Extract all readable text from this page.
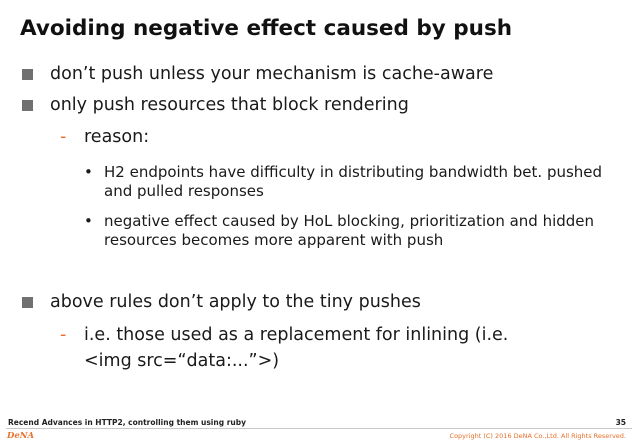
Avoiding negative effect caused by push
don’t push unless your mechanism is cache-aware
only push resources that block rendering
- reason:
• H2 endpoints have difficulty in distributing bandwidth bet. pushed and pulled responses
• negative effect caused by HoL blocking, prioritization and hidden resources becomes more apparent with push
above rules don’t apply to the tiny pushes
- i.e. those used as a replacement for inlining (i.e.
<img src=“data:...”>)
Recend Advances in HTTP2, controlling them using ruby	35
DeNA	Copyright (C) 2016 DeNA Co.,Ltd. All Rights Reserved.
